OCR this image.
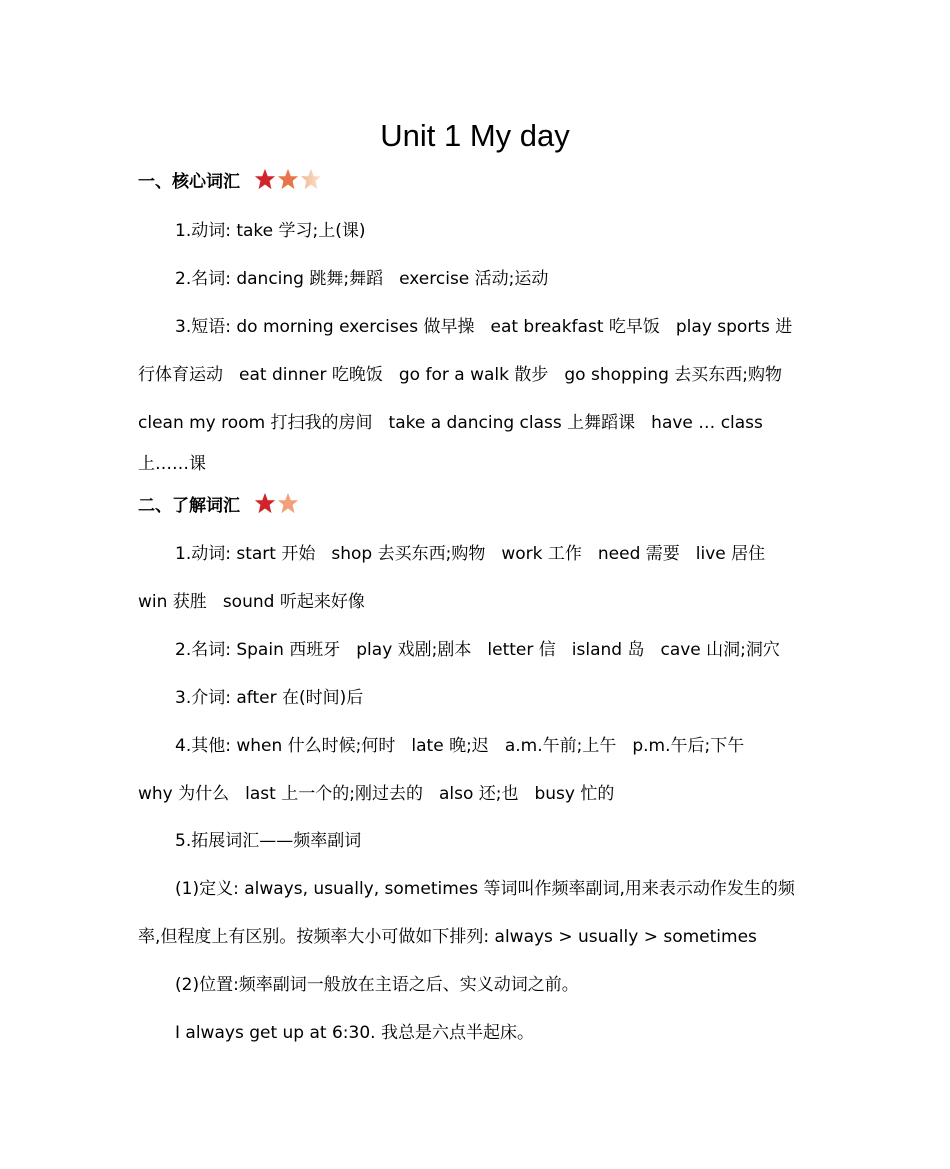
Unit 1 My day
一、核心词汇
1.动词: take 学习;上(课)
2.名词: dancing 跳舞;舞蹈 exercise 活动;运动
3.短语: do morning exercises 做早操 eat breakfast 吃早饭 play sports 进
行体育运动 eat dinner 吃晚饭 go for a walk 散步 go shopping 去买东西;购物
clean my room 打扫我的房间 take a dancing class 上舞蹈课 have … class
上……课
二、了解词汇
1.动词: start 开始 shop 去买东西;购物 work 工作 need 需要 live 居住
win 获胜 sound 听起来好像
2.名词: Spain 西班牙 play 戏剧;剧本 letter 信 island 岛 cave 山洞;洞穴
3.介词: after 在(时间)后
4.其他: when 什么时候;何时 late 晚;迟 a.m.午前;上午 p.m.午后;下午
why 为什么 last 上一个的;刚过去的 also 还;也 busy 忙的
5.拓展词汇——频率副词
(1)定义: always, usually, sometimes 等词叫作频率副词,用来表示动作发生的频
率,但程度上有区别。按频率大小可做如下排列: always > usually > sometimes
(2)位置:频率副词一般放在主语之后、实义动词之前。
I always get up at 6:30. 我总是六点半起床。
